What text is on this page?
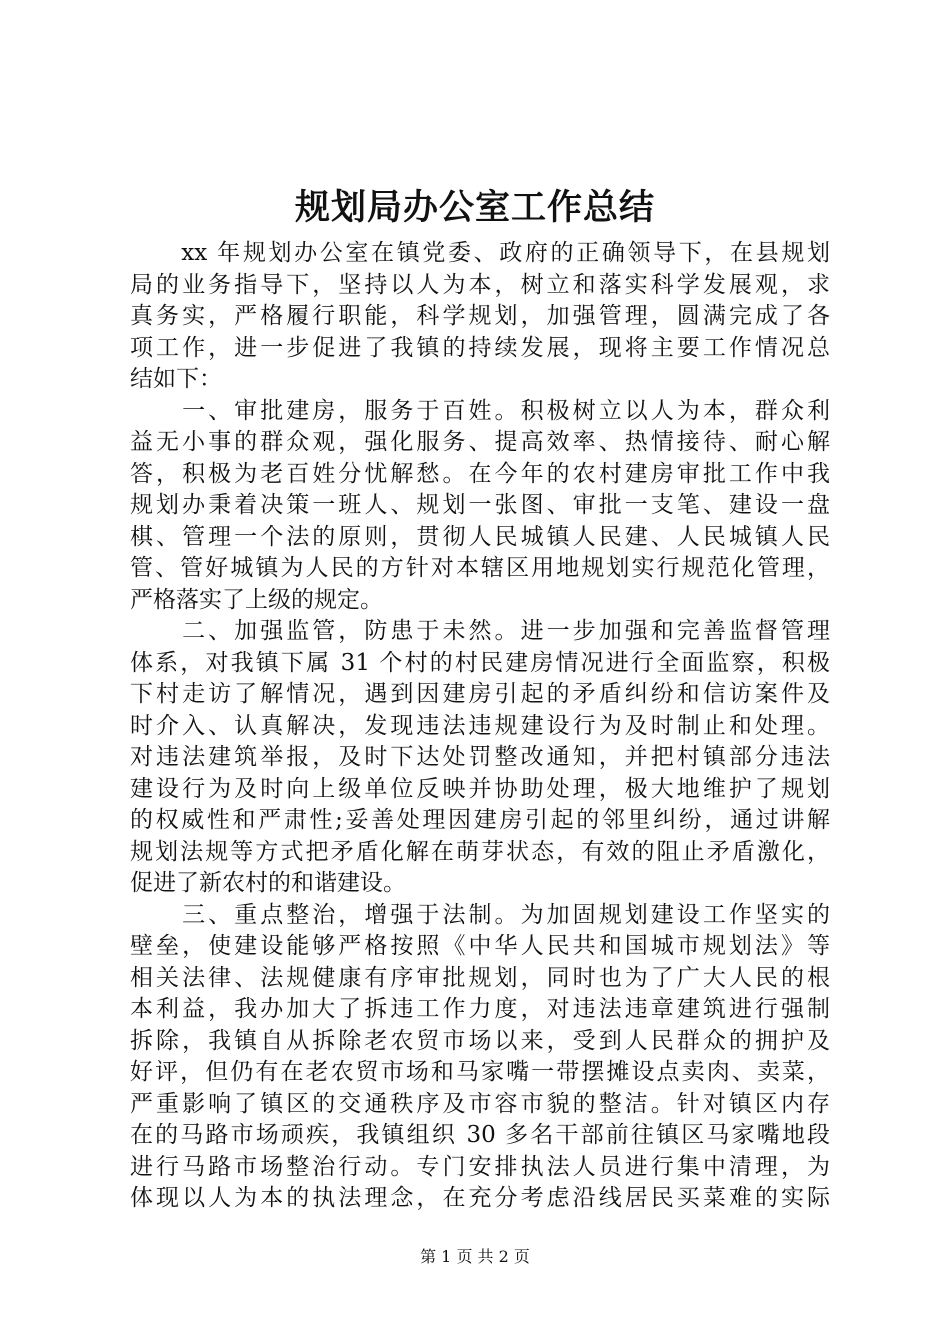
规划局办公室工作总结
　　xx 年规划办公室在镇党委、政府的正确领导下，在县规划
局的业务指导下，坚持以人为本，树立和落实科学发展观，求
真务实，严格履行职能，科学规划，加强管理，圆满完成了各
项工作，进一步促进了我镇的持续发展，现将主要工作情况总
结如下：
　　一、审批建房，服务于百姓。积极树立以人为本，群众利
益无小事的群众观，强化服务、提高效率、热情接待、耐心解
答，积极为老百姓分忧解愁。在今年的农村建房审批工作中我
规划办秉着决策一班人、规划一张图、审批一支笔、建设一盘
棋、管理一个法的原则，贯彻人民城镇人民建、人民城镇人民
管、管好城镇为人民的方针对本辖区用地规划实行规范化管理，
严格落实了上级的规定。
　　二、加强监管，防患于未然。进一步加强和完善监督管理
体系，对我镇下属 31 个村的村民建房情况进行全面监察，积极
下村走访了解情况，遇到因建房引起的矛盾纠纷和信访案件及
时介入、认真解决，发现违法违规建设行为及时制止和处理。
对违法建筑举报，及时下达处罚整改通知，并把村镇部分违法
建设行为及时向上级单位反映并协助处理，极大地维护了规划
的权威性和严肃性;妥善处理因建房引起的邻里纠纷，通过讲解
规划法规等方式把矛盾化解在萌芽状态，有效的阻止矛盾激化，
促进了新农村的和谐建设。
　　三、重点整治，增强于法制。为加固规划建设工作坚实的
壁垒，使建设能够严格按照《中华人民共和国城市规划法》等
相关法律、法规健康有序审批规划，同时也为了广大人民的根
本利益，我办加大了拆违工作力度，对违法违章建筑进行强制
拆除，我镇自从拆除老农贸市场以来，受到人民群众的拥护及
好评，但仍有在老农贸市场和马家嘴一带摆摊设点卖肉、卖菜，
严重影响了镇区的交通秩序及市容市貌的整洁。针对镇区内存
在的马路市场顽疾，我镇组织 30 多名干部前往镇区马家嘴地段
进行马路市场整治行动。专门安排执法人员进行集中清理，为
体现以人为本的执法理念，在充分考虑沿线居民买菜难的实际
第 1 页 共 2 页
